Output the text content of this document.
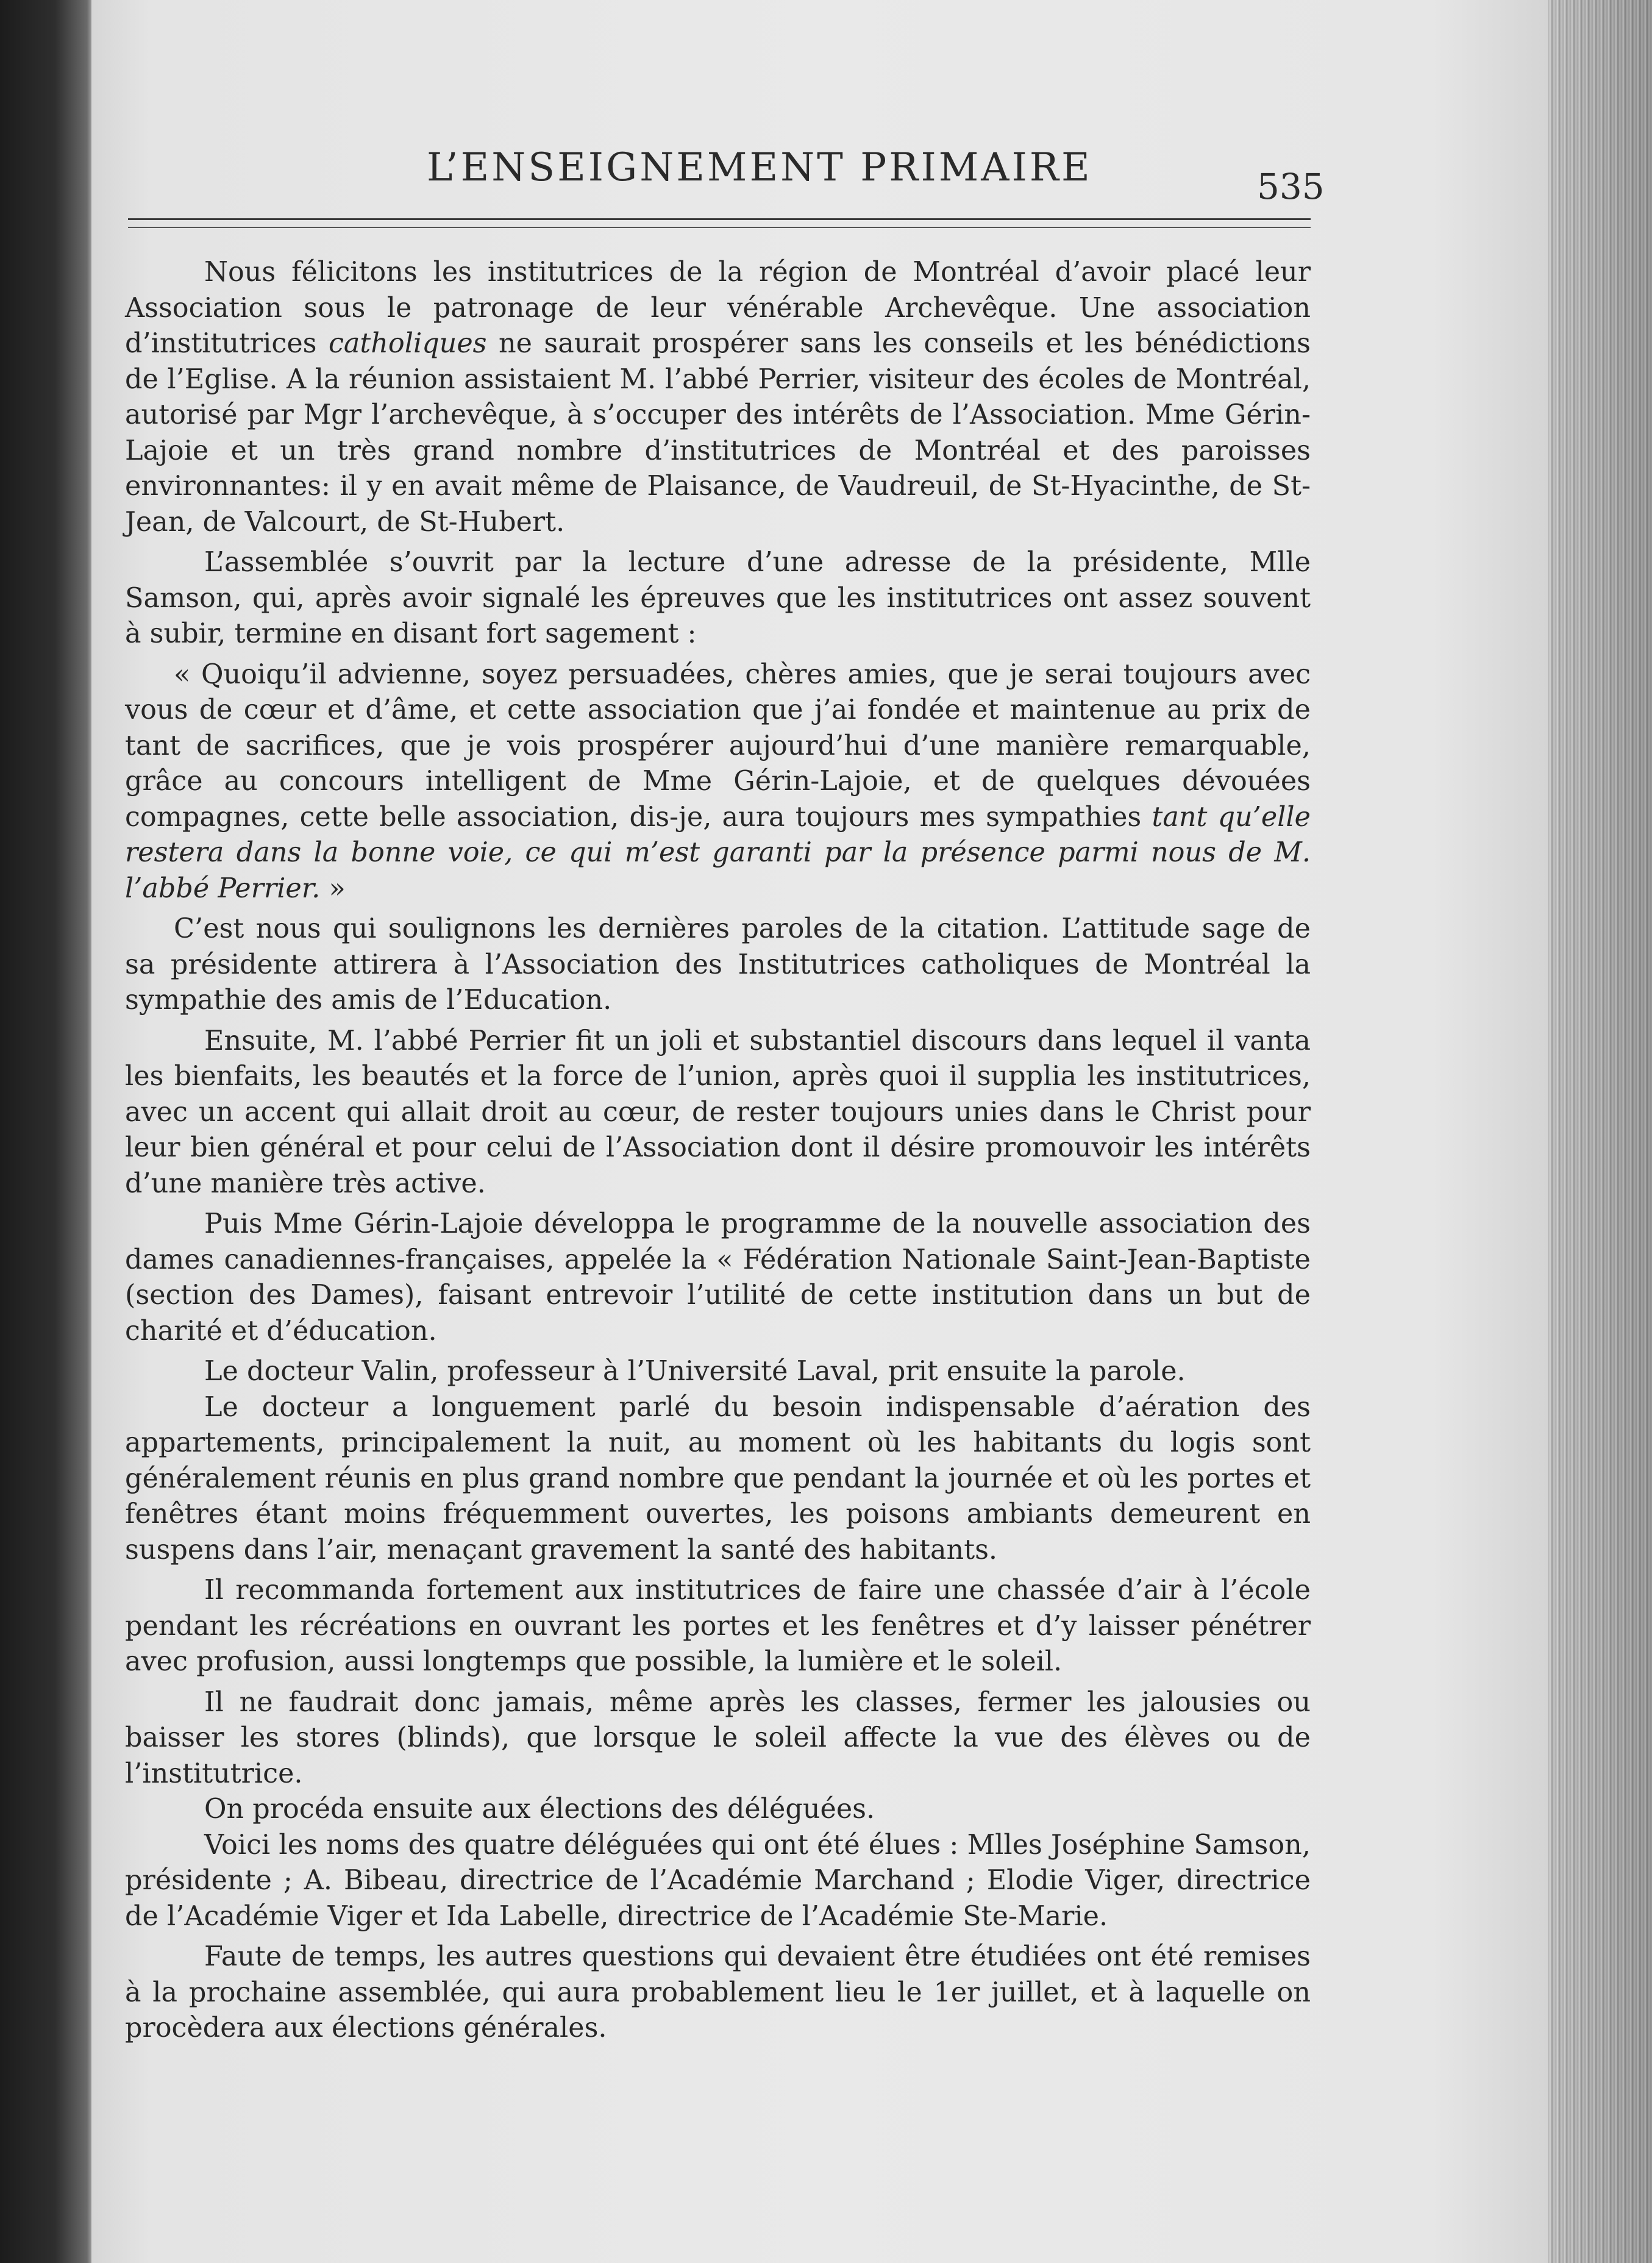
L’ENSEIGNEMENT PRIMAIRE	535

Nous félicitons les institutrices de la région de Montréal d’avoir placé leur Association sous le patronage de leur vénérable Archevêque. Une association d’institutrices catholiques ne saurait prospérer sans les conseils et les bénédictions de l’Eglise. A la réunion assistaient M. l’abbé Perrier, visiteur des écoles de Montréal, autorisé par Mgr l’archevêque, à s’occuper des intérêts de l’Association. Mme Gérin-Lajoie et un très grand nombre d’institutrices de Montréal et des paroisses environnantes: il y en avait même de Plaisance, de Vaudreuil, de St-Hyacinthe, de St-Jean, de Valcourt, de St-Hubert.

L’assemblée s’ouvrit par la lecture d’une adresse de la présidente, Mlle Samson, qui, après avoir signalé les épreuves que les institutrices ont assez souvent à subir, termine en disant fort sagement :

« Quoiqu’il advienne, soyez persuadées, chères amies, que je serai toujours avec vous de cœur et d’âme, et cette association que j’ai fondée et maintenue au prix de tant de sacrifices, que je vois prospérer aujourd’hui d’une manière remarquable, grâce au concours intelligent de Mme Gérin-Lajoie, et de quelques dévouées compagnes, cette belle association, dis-je, aura toujours mes sympathies tant qu’elle restera dans la bonne voie, ce qui m’est garanti par la présence parmi nous de M. l’abbé Perrier. »

C’est nous qui soulignons les dernières paroles de la citation. L’attitude sage de sa présidente attirera à l’Association des Institutrices catholiques de Montréal la sympathie des amis de l’Education.

Ensuite, M. l’abbé Perrier fit un joli et substantiel discours dans lequel il vanta les bienfaits, les beautés et la force de l’union, après quoi il supplia les institutrices, avec un accent qui allait droit au cœur, de rester toujours unies dans le Christ pour leur bien général et pour celui de l’Association dont il désire promouvoir les intérêts d’une manière très active.

Puis Mme Gérin-Lajoie développa le programme de la nouvelle association des dames canadiennes-françaises, appelée la « Fédération Nationale Saint-Jean-Baptiste (section des Dames), faisant entrevoir l’utilité de cette institution dans un but de charité et d’éducation.

Le docteur Valin, professeur à l’Université Laval, prit ensuite la parole.

Le docteur a longuement parlé du besoin indispensable d’aération des appartements, principalement la nuit, au moment où les habitants du logis sont généralement réunis en plus grand nombre que pendant la journée et où les portes et fenêtres étant moins fréquemment ouvertes, les poisons ambiants demeurent en suspens dans l’air, menaçant gravement la santé des habitants.

Il recommanda fortement aux institutrices de faire une chassée d’air à l’école pendant les récréations en ouvrant les portes et les fenêtres et d’y laisser pénétrer avec profusion, aussi longtemps que possible, la lumière et le soleil.

Il ne faudrait donc jamais, même après les classes, fermer les jalousies ou baisser les stores (blinds), que lorsque le soleil affecte la vue des élèves ou de l’institutrice.

On procéda ensuite aux élections des déléguées.

Voici les noms des quatre déléguées qui ont été élues : Mlles Joséphine Samson, présidente ; A. Bibeau, directrice de l’Académie Marchand ; Elodie Viger, directrice de l’Académie Viger et Ida Labelle, directrice de l’Académie Ste-Marie.

Faute de temps, les autres questions qui devaient être étudiées ont été remises à la prochaine assemblée, qui aura probablement lieu le 1er juillet, et à laquelle on procèdera aux élections générales.
